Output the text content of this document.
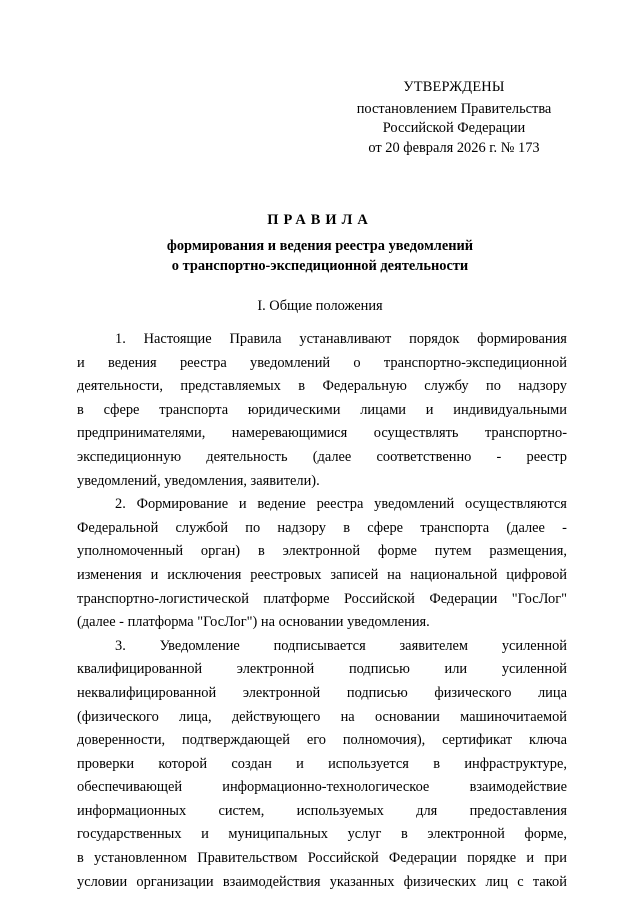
УТВЕРЖДЕНЫ
постановлением Правительства
Российской Федерации
от 20 февраля 2026 г. № 173
ПРАВИЛА
формирования и ведения реестра уведомлений
о транспортно-экспедиционной деятельности
I. Общие положения
1. Настоящие Правила устанавливают порядок формирования
и ведения реестра уведомлений о транспортно-экспедиционной
деятельности, представляемых в Федеральную службу по надзору
в сфере транспорта юридическими лицами и индивидуальными
предпринимателями, намеревающимися осуществлять транспортно-
экспедиционную деятельность (далее соответственно - реестр
уведомлений, уведомления, заявители).
2. Формирование и ведение реестра уведомлений осуществляются
Федеральной службой по надзору в сфере транспорта (далее -
уполномоченный орган) в электронной форме путем размещения,
изменения и исключения реестровых записей на национальной цифровой
транспортно-логистической платформе Российской Федерации "ГосЛог"
(далее - платформа "ГосЛог") на основании уведомления.
3. Уведомление подписывается заявителем усиленной
квалифицированной электронной подписью или усиленной
неквалифицированной электронной подписью физического лица
(физического лица, действующего на основании машиночитаемой
доверенности, подтверждающей его полномочия), сертификат ключа
проверки которой создан и используется в инфраструктуре,
обеспечивающей	информационно-технологическое	взаимодействие
информационных систем, используемых для предоставления
государственных и муниципальных услуг в электронной форме,
в установленном Правительством Российской Федерации порядке и при
условии организации взаимодействия указанных физических лиц с такой
